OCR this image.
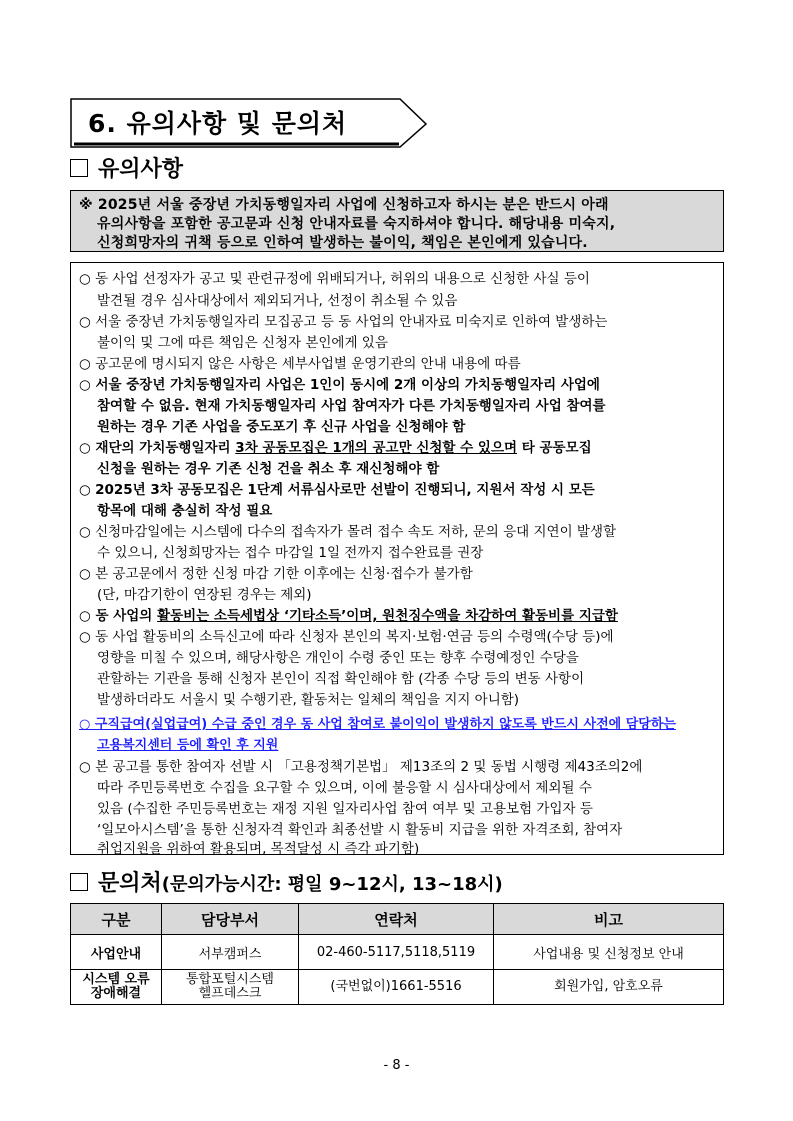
6. 유의사항 및 문의처
유의사항
※ 2025년 서울 중장년 가치동행일자리 사업에 신청하고자 하시는 분은 반드시 아래
유의사항을 포함한 공고문과 신청 안내자료를 숙지하셔야 합니다. 해당내용 미숙지,
신청희망자의 귀책 등으로 인하여 발생하는 불이익, 책임은 본인에게 있습니다.
○ 동 사업 선정자가 공고 및 관련규정에 위배되거나, 허위의 내용으로 신청한 사실 등이
발견될 경우 심사대상에서 제외되거나, 선정이 취소될 수 있음
○ 서울 중장년 가치동행일자리 모집공고 등 동 사업의 안내자료 미숙지로 인하여 발생하는
불이익 및 그에 따른 책임은 신청자 본인에게 있음
○ 공고문에 명시되지 않은 사항은 세부사업별 운영기관의 안내 내용에 따름
○ 서울 중장년 가치동행일자리 사업은 1인이 동시에 2개 이상의 가치동행일자리 사업에
참여할 수 없음. 현재 가치동행일자리 사업 참여자가 다른 가치동행일자리 사업 참여를
원하는 경우 기존 사업을 중도포기 후 신규 사업을 신청해야 함
○ 재단의 가치동행일자리 3차 공동모집은 1개의 공고만 신청할 수 있으며 타 공동모집
신청을 원하는 경우 기존 신청 건을 취소 후 재신청해야 함
○ 2025년 3차 공동모집은 1단계 서류심사로만 선발이 진행되니, 지원서 작성 시 모든
항목에 대해 충실히 작성 필요
○ 신청마감일에는 시스템에 다수의 접속자가 몰려 접수 속도 저하, 문의 응대 지연이 발생할
수 있으니, 신청희망자는 접수 마감일 1일 전까지 접수완료를 권장
○ 본 공고문에서 정한 신청 마감 기한 이후에는 신청·접수가 불가함
(단, 마감기한이 연장된 경우는 제외)
○ 동 사업의 활동비는 소득세법상 ‘기타소득’이며, 원천징수액을 차감하여 활동비를 지급함
○ 동 사업 활동비의 소득신고에 따라 신청자 본인의 복지·보험·연금 등의 수령액(수당 등)에
영향을 미칠 수 있으며, 해당사항은 개인이 수령 중인 또는 향후 수령예정인 수당을
관할하는 기관을 통해 신청자 본인이 직접 확인해야 함 (각종 수당 등의 변동 사항이
발생하더라도 서울시 및 수행기관, 활동처는 일체의 책임을 지지 아니함)
○ 구직급여(실업급여) 수급 중인 경우 동 사업 참여로 불이익이 발생하지 않도록 반드시 사전에 담당하는
고용복지센터 등에 확인 후 지원
○ 본 공고를 통한 참여자 선발 시 「고용정책기본법」 제13조의 2 및 동법 시행령 제43조의2에
따라 주민등록번호 수집을 요구할 수 있으며, 이에 불응할 시 심사대상에서 제외될 수
있음 (수집한 주민등록번호는 재정 지원 일자리사업 참여 여부 및 고용보험 가입자 등
‘일모아시스템’을 통한 신청자격 확인과 최종선발 시 활동비 지급을 위한 자격조회, 참여자
취업지원을 위하여 활용되며, 목적달성 시 즉각 파기함)
문의처(문의가능시간: 평일 9~12시, 13~18시)
구분	담당부서	연락처	비고
사업안내	서부캠퍼스	02-460-5117,5118,5119	사업내용 및 신청정보 안내
시스템 오류
장애해결	통합포털시스템
헬프데스크	(국번없이)1661-5516	회원가입, 암호오류
- 8 -
